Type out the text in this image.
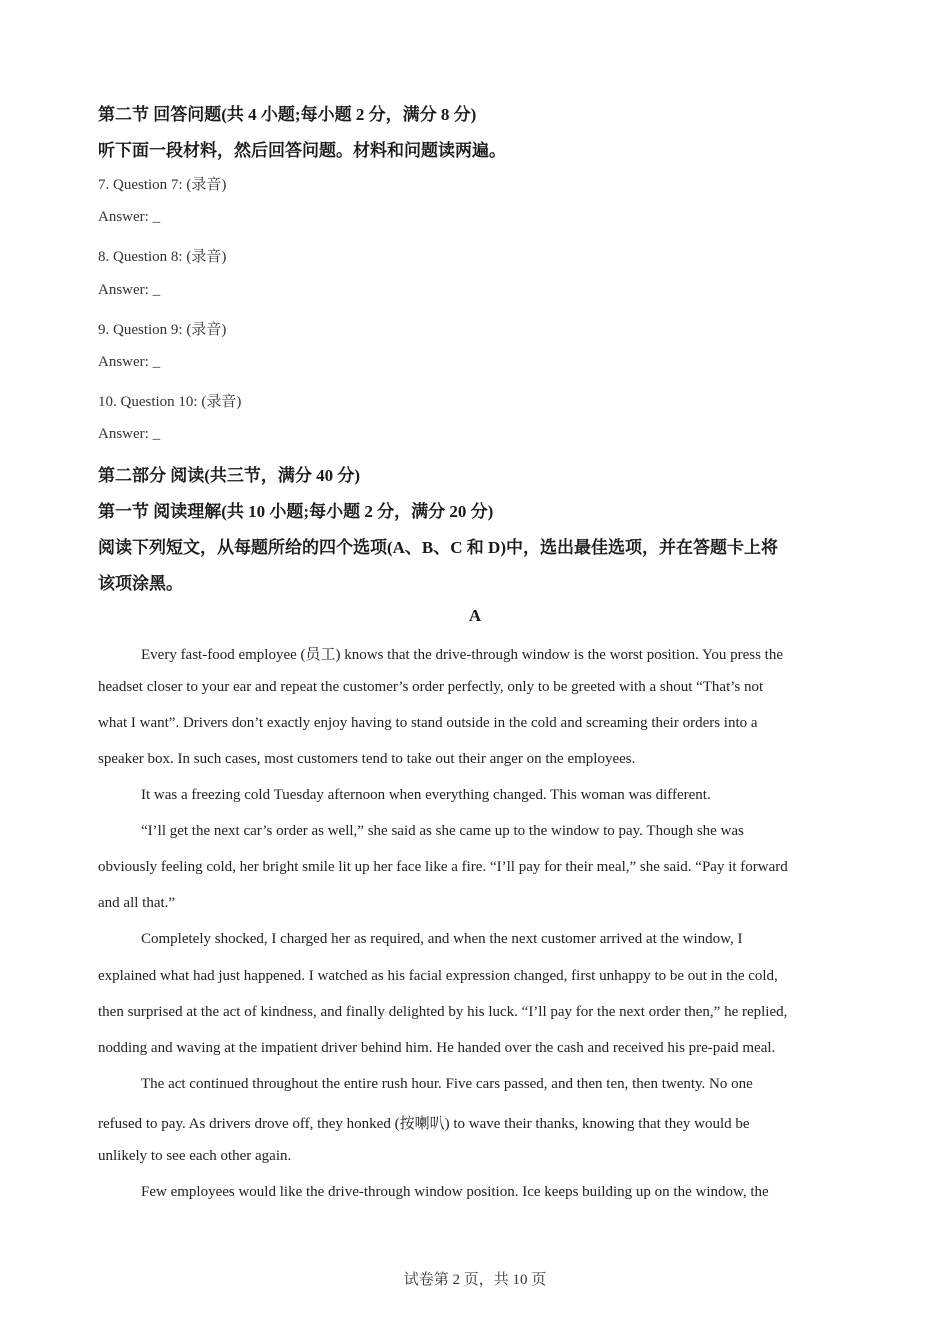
第二节 回答问题(共 4 小题;每小题 2 分，满分 8 分)
听下面一段材料，然后回答问题。材料和问题读两遍。
7. Question 7: (录音)
Answer: _
8. Question 8: (录音)
Answer: _
9. Question 9: (录音)
Answer: _
10. Question 10: (录音)
Answer: _
第二部分 阅读(共三节，满分 40 分)
第一节 阅读理解(共 10 小题;每小题 2 分，满分 20 分)
阅读下列短文，从每题所给的四个选项(A、B、C 和 D)中，选出最佳选项，并在答题卡上将
该项涂黑。
A
Every fast-food employee (员工) knows that the drive-through window is the worst position. You press the
headset closer to your ear and repeat the customer’s order perfectly, only to be greeted with a shout “That’s not
what I want”. Drivers don’t exactly enjoy having to stand outside in the cold and screaming their orders into a
speaker box. In such cases, most customers tend to take out their anger on the employees.
It was a freezing cold Tuesday afternoon when everything changed. This woman was different.
“I’ll get the next car’s order as well,” she said as she came up to the window to pay. Though she was
obviously feeling cold, her bright smile lit up her face like a fire. “I’ll pay for their meal,” she said. “Pay it forward
and all that.”
Completely shocked, I charged her as required, and when the next customer arrived at the window, I
explained what had just happened. I watched as his facial expression changed, first unhappy to be out in the cold,
then surprised at the act of kindness, and finally delighted by his luck. “I’ll pay for the next order then,” he replied,
nodding and waving at the impatient driver behind him. He handed over the cash and received his pre-paid meal.
The act continued throughout the entire rush hour. Five cars passed, and then ten, then twenty. No one
refused to pay. As drivers drove off, they honked (按喇叭) to wave their thanks, knowing that they would be
unlikely to see each other again.
Few employees would like the drive-through window position. Ice keeps building up on the window, the
试卷第 2 页，共 10 页
